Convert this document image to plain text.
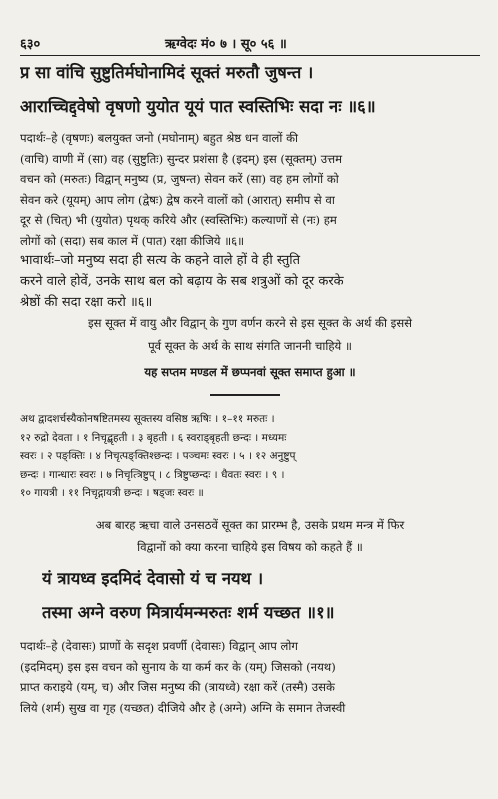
६३०	ऋग्वेदः मं० ७ । सू० ५६ ॥
प्र सा वांचि सुष्टुतिर्मघोनामिदं सूक्तं मरुतौ जुषन्त ।
आराच्चिद्द्वेषो वृषणो युयोत यूयं पात स्वस्तिभिः सदा नः ॥६॥

पदार्थः–हे (वृषणः) बलयुक्त जनो (मघोनाम्) बहुत श्रेष्ठ धन वालों की

(वाचि) वाणी में (सा) वह (सुष्टुतिः) सुन्दर प्रशंसा है (इदम्) इस (सूक्तम्) उत्तम

वचन को (मरुतः) विद्वान् मनुष्य (प्र, जुषन्त) सेवन करें (सा) वह हम लोगों को

सेवन करे (यूयम्) आप लोग (द्वेषः) द्वेष करने वालों को (आरात्) समीप से वा

दूर से (चित्) भी (युयोत) पृथक् करिये और (स्वस्तिभिः) कल्याणों से (नः) हम

लोगों को (सदा) सब काल में (पात) रक्षा कीजिये ॥६॥

भावार्थः–जो मनुष्य सदा ही सत्य के कहने वाले हों वे ही स्तुति

करने वाले होवें, उनके साथ बल को बढ़ाय के सब शत्रुओं को दूर करके

श्रेष्ठों की सदा रक्षा करो ॥६॥

इस सूक्त में वायु और विद्वान् के गुण वर्णन करने से इस सूक्त के अर्थ की इससे
पूर्व सूक्त के अर्थ के साथ संगति जाननी चाहिये ॥
यह सप्तम मण्डल में छप्पनवां सूक्त समाप्त हुआ ॥

अथ द्वादशर्चस्यैकोनषष्टितमस्य सूक्तस्य वसिष्ठ ऋषिः । १–११ मरुतः ।

१२ रुद्रो देवता । १ निचृद्बृहती । ३ बृहती । ६ स्वराड्बृहती छन्दः । मध्यमः

स्वरः । २ पङ्क्तिः । ४ निचृत्पङ्क्तिश्छन्दः । पञ्चमः स्वरः । ५ । १२ अनुष्टुप्

छन्दः । गान्धारः स्वरः । ७ निचृत्त्रिष्टुप् । ८ त्रिष्टुप्छन्दः । धैवतः स्वरः । ९ ।

१० गायत्री । ११ निचृद्गायत्री छन्दः । षड्जः स्वरः ॥

अब बारह ऋचा वाले उनसठवें सूक्त का प्रारम्भ है, उसके प्रथम मन्त्र में फिर
विद्वानों को क्या करना चाहिये इस विषय को कहते हैं ॥
यं त्रायध्व इदमिदं देवासो यं च नयथ ।
तस्मा अग्ने वरुण मित्रार्यमन्मरुतः शर्म यच्छत ॥१॥

पदार्थः–हे (देवासः) प्राणों के सदृश प्रवर्णी (देवासः) विद्वान् आप लोग

(इदमिदम्) इस इस वचन को सुनाय के या कर्म कर के (यम्) जिसको (नयथ)

प्राप्त कराइये (यम्, च) और जिस मनुष्य की (त्रायध्वे) रक्षा करें (तस्मै) उसके

लिये (शर्म) सुख वा गृह (यच्छत) दीजिये और हे (अग्ने) अग्नि के समान तेजस्वी
